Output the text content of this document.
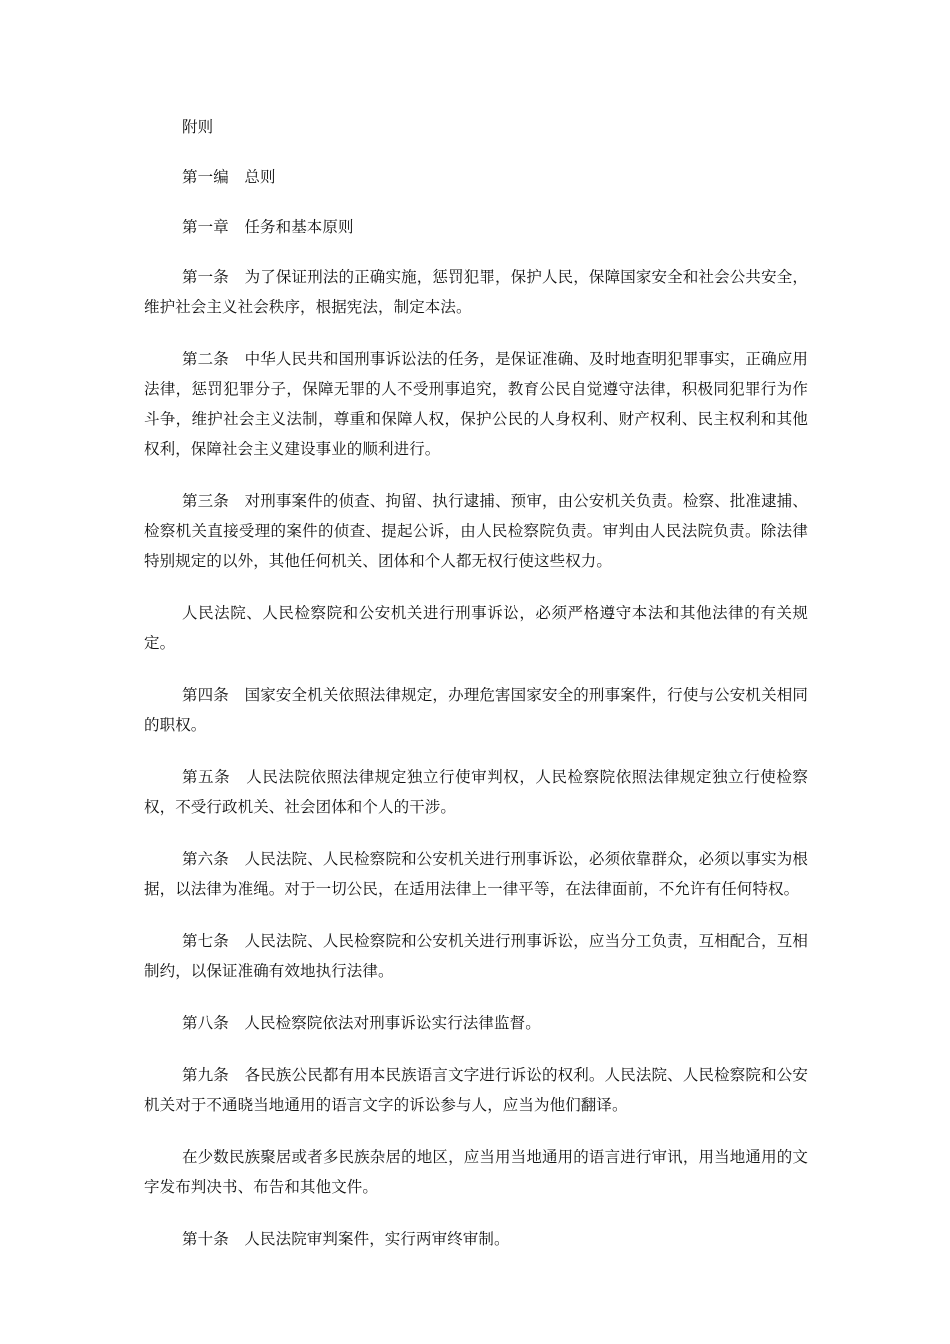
附则

第一编　总则

第一章　任务和基本原则

第一条　为了保证刑法的正确实施，惩罚犯罪，保护人民，保障国家安全和社会公共安全，维护社会主义社会秩序，根据宪法，制定本法。

第二条　中华人民共和国刑事诉讼法的任务，是保证准确、及时地查明犯罪事实，正确应用法律，惩罚犯罪分子，保障无罪的人不受刑事追究，教育公民自觉遵守法律，积极同犯罪行为作斗争，维护社会主义法制，尊重和保障人权，保护公民的人身权利、财产权利、民主权利和其他权利，保障社会主义建设事业的顺利进行。

第三条　对刑事案件的侦查、拘留、执行逮捕、预审，由公安机关负责。检察、批准逮捕、检察机关直接受理的案件的侦查、提起公诉，由人民检察院负责。审判由人民法院负责。除法律特别规定的以外，其他任何机关、团体和个人都无权行使这些权力。

人民法院、人民检察院和公安机关进行刑事诉讼，必须严格遵守本法和其他法律的有关规定。

第四条　国家安全机关依照法律规定，办理危害国家安全的刑事案件，行使与公安机关相同的职权。

第五条　人民法院依照法律规定独立行使审判权，人民检察院依照法律规定独立行使检察权，不受行政机关、社会团体和个人的干涉。

第六条　人民法院、人民检察院和公安机关进行刑事诉讼，必须依靠群众，必须以事实为根据，以法律为准绳。对于一切公民，在适用法律上一律平等，在法律面前，不允许有任何特权。

第七条　人民法院、人民检察院和公安机关进行刑事诉讼，应当分工负责，互相配合，互相制约，以保证准确有效地执行法律。

第八条　人民检察院依法对刑事诉讼实行法律监督。

第九条　各民族公民都有用本民族语言文字进行诉讼的权利。人民法院、人民检察院和公安机关对于不通晓当地通用的语言文字的诉讼参与人，应当为他们翻译。

在少数民族聚居或者多民族杂居的地区，应当用当地通用的语言进行审讯，用当地通用的文字发布判决书、布告和其他文件。

第十条　人民法院审判案件，实行两审终审制。
